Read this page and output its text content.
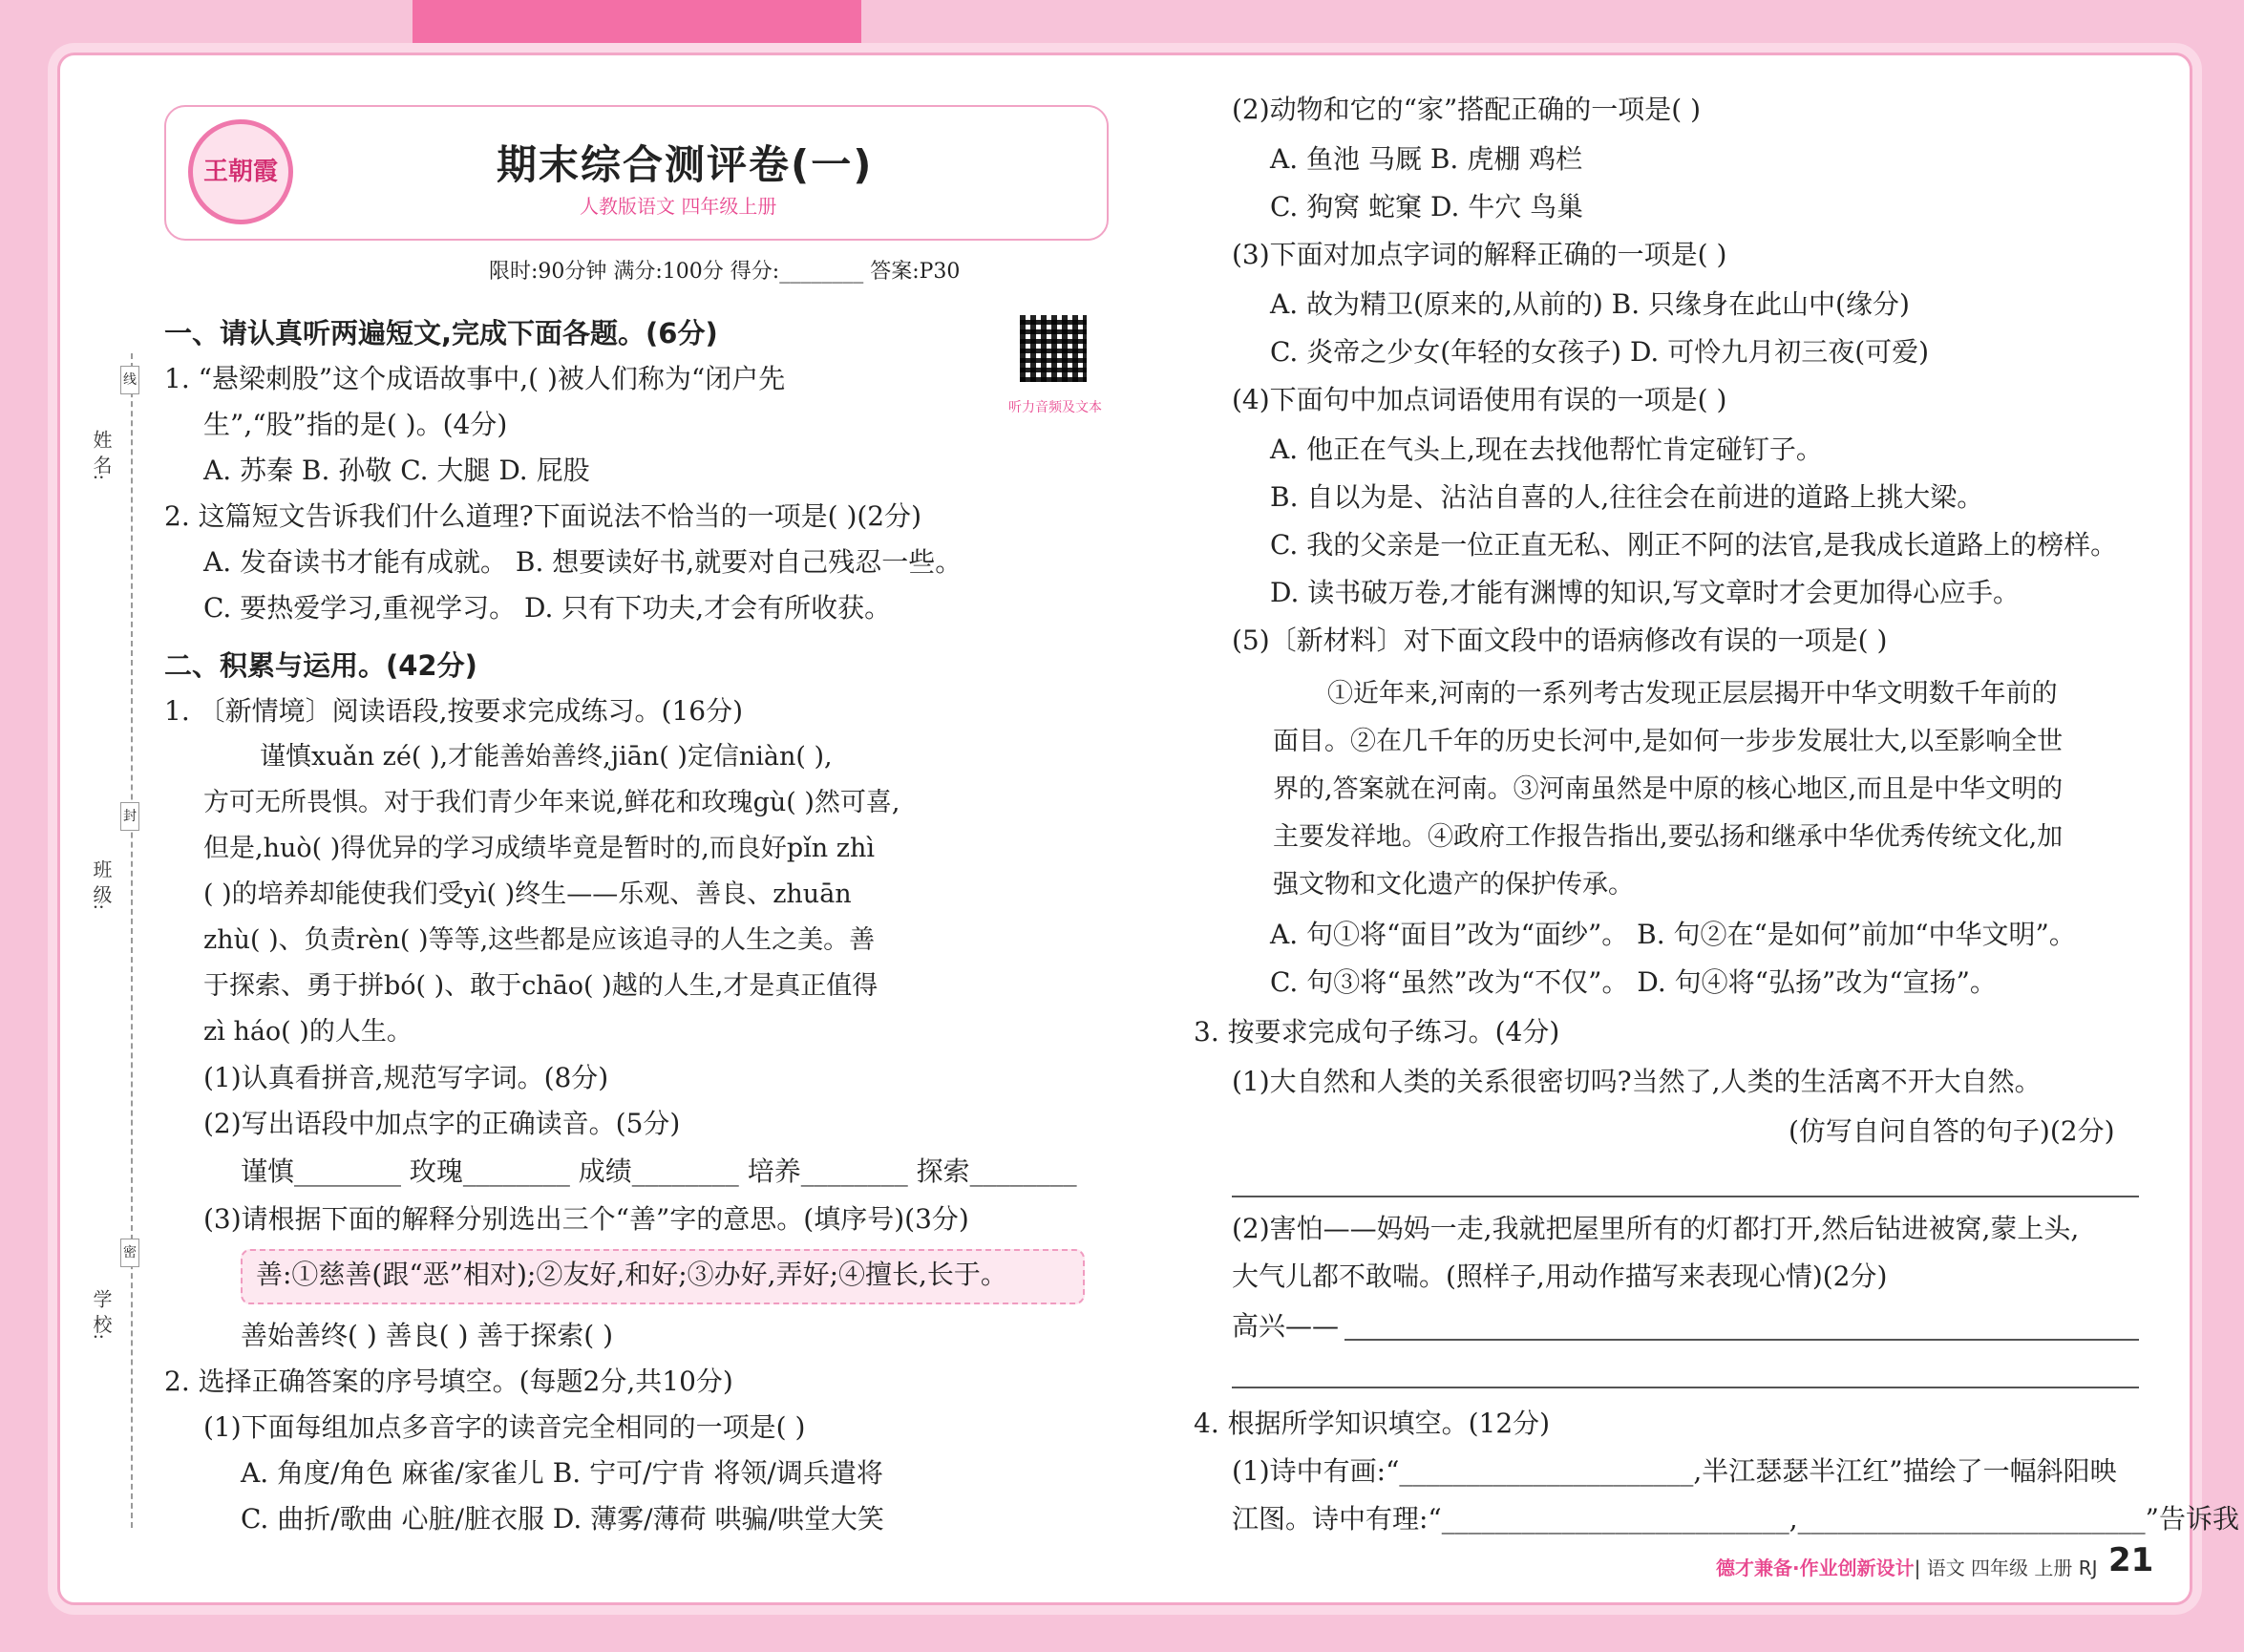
姓 名:
班 级:
学 校:
线
封
密
王朝霞	期末综合测评卷(一)
人教版语文 四年级上册
限时:90分钟 满分:100分 得分:________ 答案:P30
听力音频及文本
一、请认真听两遍短文,完成下面各题。(6分)
1. “悬梁刺股”这个成语故事中,( )被人们称为“闭户先
生”,“股”指的是( )。(4分)
A. 苏秦 B. 孙敬 C. 大腿 D. 屁股
2. 这篇短文告诉我们什么道理?下面说法不恰当的一项是( )(2分)
A. 发奋读书才能有成就。 B. 想要读好书,就要对自己残忍一些。
C. 要热爱学习,重视学习。 D. 只有下功夫,才会有所收获。
二、积累与运用。(42分)
1. 〔新情境〕阅读语段,按要求完成练习。(16分)
谨慎xuǎn zé( ),才能善始善终,jiān( )定信niàn( ),
方可无所畏惧。对于我们青少年来说,鲜花和玫瑰gù( )然可喜,
但是,huò( )得优异的学习成绩毕竟是暂时的,而良好pǐn zhì
( )的培养却能使我们受yì( )终生——乐观、善良、zhuān
zhù( )、负责rèn( )等等,这些都是应该追寻的人生之美。善
于探索、勇于拼bó( )、敢于chāo( )越的人生,才是真正值得
zì háo( )的人生。
(1)认真看拼音,规范写字词。(8分)
(2)写出语段中加点字的正确读音。(5分)
谨慎________ 玫瑰________ 成绩________ 培养________ 探索________
(3)请根据下面的解释分别选出三个“善”字的意思。(填序号)(3分)
善:①慈善(跟“恶”相对);②友好,和好;③办好,弄好;④擅长,长于。
善始善终( ) 善良( ) 善于探索( )
2. 选择正确答案的序号填空。(每题2分,共10分)
(1)下面每组加点多音字的读音完全相同的一项是( )
A. 角度/角色 麻雀/家雀儿 B. 宁可/宁肯 将领/调兵遣将
C. 曲折/歌曲 心脏/脏衣服 D. 薄雾/薄荷 哄骗/哄堂大笑
(2)动物和它的“家”搭配正确的一项是( )
A. 鱼池 马厩 B. 虎棚 鸡栏
C. 狗窝 蛇窠 D. 牛穴 鸟巢
(3)下面对加点字词的解释正确的一项是( )
A. 故为精卫(原来的,从前的) B. 只缘身在此山中(缘分)
C. 炎帝之少女(年轻的女孩子) D. 可怜九月初三夜(可爱)
(4)下面句中加点词语使用有误的一项是( )
A. 他正在气头上,现在去找他帮忙肯定碰钉子。
B. 自以为是、沾沾自喜的人,往往会在前进的道路上挑大梁。
C. 我的父亲是一位正直无私、刚正不阿的法官,是我成长道路上的榜样。
D. 读书破万卷,才能有渊博的知识,写文章时才会更加得心应手。
(5)〔新材料〕对下面文段中的语病修改有误的一项是( )
①近年来,河南的一系列考古发现正层层揭开中华文明数千年前的
面目。②在几千年的历史长河中,是如何一步步发展壮大,以至影响全世
界的,答案就在河南。③河南虽然是中原的核心地区,而且是中华文明的
主要发祥地。④政府工作报告指出,要弘扬和继承中华优秀传统文化,加
强文物和文化遗产的保护传承。
A. 句①将“面目”改为“面纱”。 B. 句②在“是如何”前加“中华文明”。
C. 句③将“虽然”改为“不仅”。 D. 句④将“弘扬”改为“宣扬”。
3. 按要求完成句子练习。(4分)
(1)大自然和人类的关系很密切吗?当然了,人类的生活离不开大自然。
(仿写自问自答的句子)(2分)
(2)害怕——妈妈一走,我就把屋里所有的灯都打开,然后钻进被窝,蒙上头,
大气儿都不敢喘。(照样子,用动作描写来表现心情)(2分)
高兴——
4. 根据所学知识填空。(12分)
(1)诗中有画:“______________________,半江瑟瑟半江红”描绘了一幅斜阳映
江图。诗中有理:“__________________________,__________________________”告诉我
德才兼备·作业创新设计| 语文 四年级 上册 RJ 21
